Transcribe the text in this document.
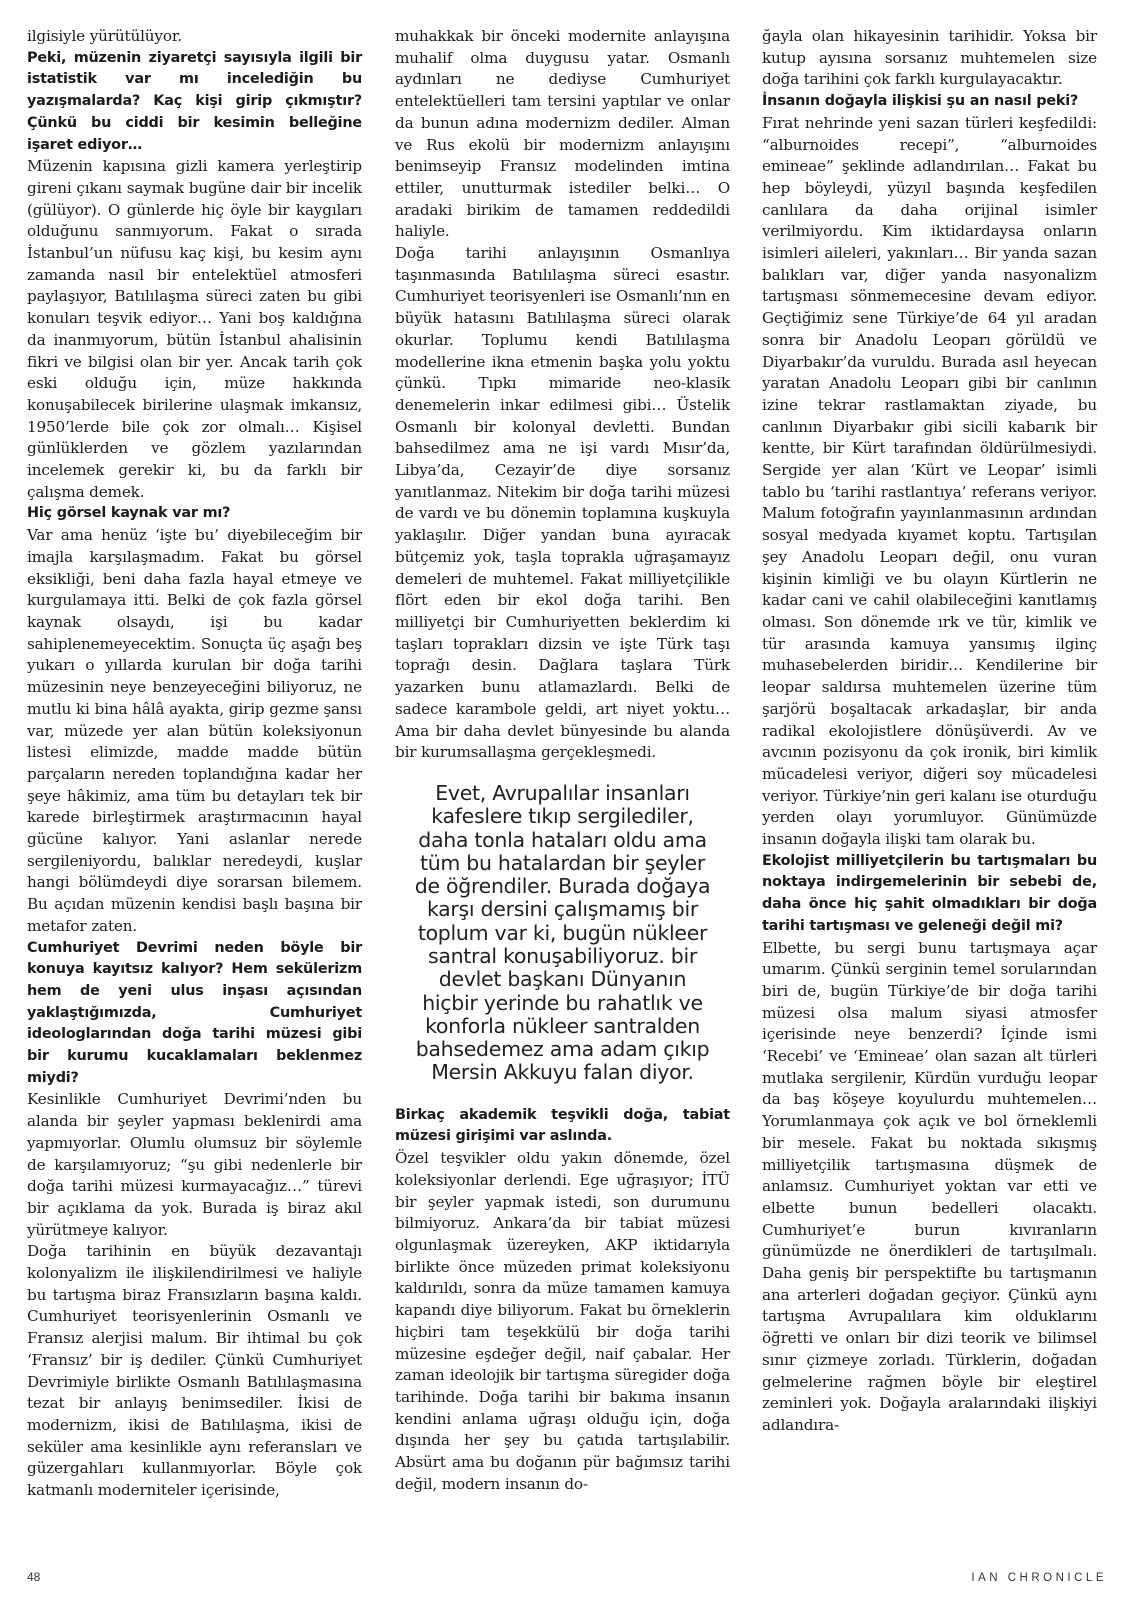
ilgisiyle yürütülüyor.

Peki, müzenin ziyaretçi sayısıyla ilgili bir istatistik var mı incelediğin bu yazışmalarda? Kaç kişi girip çıkmıştır? Çünkü bu ciddi bir kesimin belleğine işaret ediyor…

Müzenin kapısına gizli kamera yerleştirip gireni çıkanı saymak bugüne dair bir incelik (gülüyor). O günlerde hiç öyle bir kaygıları olduğunu sanmıyorum. Fakat o sırada İstanbul’un nüfusu kaç kişi, bu kesim aynı zamanda nasıl bir entelektüel atmosferi paylaşıyor, Batılılaşma süreci zaten bu gibi konuları teşvik ediyor… Yani boş kaldığına da inanmıyorum, bütün İstanbul ahalisinin fikri ve bilgisi olan bir yer. Ancak tarih çok eski olduğu için, müze hakkında konuşabilecek birilerine ulaşmak imkansız, 1950’lerde bile çok zor olmalı… Kişisel günlüklerden ve gözlem yazılarından incelemek gerekir ki, bu da farklı bir çalışma demek.

Hiç görsel kaynak var mı?

Var ama henüz ‘işte bu’ diyebileceğim bir imajla karşılaşmadım. Fakat bu görsel eksikliği, beni daha fazla hayal etmeye ve kurgulamaya itti. Belki de çok fazla görsel kaynak olsaydı, işi bu kadar sahiplenemeyecektim. Sonuçta üç aşağı beş yukarı o yıllarda kurulan bir doğa tarihi müzesinin neye benzeyeceğini biliyoruz, ne mutlu ki bina hâlâ ayakta, girip gezme şansı var, müzede yer alan bütün koleksiyonun listesi elimizde, madde madde bütün parçaların nereden toplandığına kadar her şeye hâkimiz, ama tüm bu detayları tek bir karede birleştirmek araştırmacının hayal gücüne kalıyor. Yani aslanlar nerede sergileniyordu, balıklar neredeydi, kuşlar hangi bölümdeydi diye sorarsan bilemem. Bu açıdan müzenin kendisi başlı başına bir metafor zaten.

Cumhuriyet Devrimi neden böyle bir konuya kayıtsız kalıyor? Hem sekülerizm hem de yeni ulus inşası açısından yaklaştığımızda, Cumhuriyet ideologlarından doğa tarihi müzesi gibi bir kurumu kucaklamaları beklenmez miydi?

Kesinlikle Cumhuriyet Devrimi’nden bu alanda bir şeyler yapması beklenirdi ama yapmıyorlar. Olumlu olumsuz bir söylemle de karşılamıyoruz; “şu gibi nedenlerle bir doğa tarihi müzesi kurmayacağız…” türevi bir açıklama da yok. Burada iş biraz akıl yürütmeye kalıyor.

Doğa tarihinin en büyük dezavantajı kolonyalizm ile ilişkilendirilmesi ve haliyle bu tartışma biraz Fransızların başına kaldı. Cumhuriyet teorisyenlerinin Osmanlı ve Fransız alerjisi malum. Bir ihtimal bu çok ‘Fransız’ bir iş dediler. Çünkü Cumhuriyet Devrimiyle birlikte Osmanlı Batılılaşmasına tezat bir anlayış benimsediler. İkisi de modernizm, ikisi de Batılılaşma, ikisi de seküler ama kesinlikle aynı referansları ve güzergahları kullanmıyorlar. Böyle çok katmanlı moderniteler içerisinde,

muhakkak bir önceki modernite anlayışına muhalif olma duygusu yatar. Osmanlı aydınları ne dediyse Cumhuriyet entelektüelleri tam tersini yaptılar ve onlar da bunun adına modernizm dediler. Alman ve Rus ekolü bir modernizm anlayışını benimseyip Fransız modelinden imtina ettiler, unutturmak istediler belki… O aradaki birikim de tamamen reddedildi haliyle.

Doğa tarihi anlayışının Osmanlıya taşınmasında Batılılaşma süreci esastır. Cumhuriyet teorisyenleri ise Osmanlı’nın en büyük hatasını Batılılaşma süreci olarak okurlar. Toplumu kendi Batılılaşma modellerine ikna etmenin başka yolu yoktu çünkü. Tıpkı mimaride neo-klasik denemelerin inkar edilmesi gibi… Üstelik Osmanlı bir kolonyal devletti. Bundan bahsedilmez ama ne işi vardı Mısır’da, Libya’da, Cezayir’de diye sorsanız yanıtlanmaz. Nitekim bir doğa tarihi müzesi de vardı ve bu dönemin toplamına kuşkuyla yaklaşılır. Diğer yandan buna ayıracak bütçemiz yok, taşla toprakla uğraşamayız demeleri de muhtemel. Fakat milliyetçilikle flört eden bir ekol doğa tarihi. Ben milliyetçi bir Cumhuriyetten beklerdim ki taşları toprakları dizsin ve işte Türk taşı toprağı desin. Dağlara taşlara Türk yazarken bunu atlamazlardı. Belki de sadece karambole geldi, art niyet yoktu… Ama bir daha devlet bünyesinde bu alanda bir kurumsallaşma gerçekleşmedi.

Evet, Avrupalılar insanları
kafeslere tıkıp sergilediler,
daha tonla hataları oldu ama
tüm bu hatalardan bir şeyler
de öğrendiler. Burada doğaya
karşı dersini çalışmamış bir
toplum var ki, bugün nükleer
santral konuşabiliyoruz. bir
devlet başkanı Dünyanın
hiçbir yerinde bu rahatlık ve
konforla nükleer santralden
bahsedemez ama adam çıkıp
Mersin Akkuyu falan diyor.

Birkaç akademik teşvikli doğa, tabiat müzesi girişimi var aslında.

Özel teşvikler oldu yakın dönemde, özel koleksiyonlar derlendi. Ege uğraşıyor; İTÜ bir şeyler yapmak istedi, son durumunu bilmiyoruz. Ankara’da bir tabiat müzesi olgunlaşmak üzereyken, AKP iktidarıyla birlikte önce müzeden primat koleksiyonu kaldırıldı, sonra da müze tamamen kamuya kapandı diye biliyorum. Fakat bu örneklerin hiçbiri tam teşekkülü bir doğa tarihi müzesine eşdeğer değil, naif çabalar. Her zaman ideolojik bir tartışma süregider doğa tarihinde. Doğa tarihi bir bakıma insanın kendini anlama uğraşı olduğu için, doğa dışında her şey bu çatıda tartışılabilir. Absürt ama bu doğanın pür bağımsız tarihi değil, modern insanın do-

ğayla olan hikayesinin tarihidir. Yoksa bir kutup ayısına sorsanız muhtemelen size doğa tarihini çok farklı kurgulayacaktır.

İnsanın doğayla ilişkisi şu an nasıl peki?

Fırat nehrinde yeni sazan türleri keşfedildi: “alburnoides recepi”, “alburnoides emineae” şeklinde adlandırılan… Fakat bu hep böyleydi, yüzyıl başında keşfedilen canlılara da daha orijinal isimler verilmiyordu. Kim iktidardaysa onların isimleri aileleri, yakınları… Bir yanda sazan balıkları var, diğer yanda nasyonalizm tartışması sönmemecesine devam ediyor. Geçtiğimiz sene Türkiye’de 64 yıl aradan sonra bir Anadolu Leoparı görüldü ve Diyarbakır’da vuruldu. Burada asıl heyecan yaratan Anadolu Leoparı gibi bir canlının izine tekrar rastlamaktan ziyade, bu canlının Diyarbakır gibi sicili kabarık bir kentte, bir Kürt tarafından öldürülmesiydi. Sergide yer alan ‘Kürt ve Leopar’ isimli tablo bu ‘tarihi rastlantıya’ referans veriyor. Malum fotoğrafın yayınlanmasının ardından sosyal medyada kıyamet koptu. Tartışılan şey Anadolu Leoparı değil, onu vuran kişinin kimliği ve bu olayın Kürtlerin ne kadar cani ve cahil olabileceğini kanıtlamış olması. Son dönemde ırk ve tür, kimlik ve tür arasında kamuya yansımış ilginç muhasebelerden biridir… Kendilerine bir leopar saldırsa muhtemelen üzerine tüm şarjörü boşaltacak arkadaşlar, bir anda radikal ekolojistlere dönüşüverdi. Av ve avcının pozisyonu da çok ironik, biri kimlik mücadelesi veriyor, diğeri soy mücadelesi veriyor. Türkiye’nin geri kalanı ise oturduğu yerden olayı yorumluyor. Günümüzde insanın doğayla ilişki tam olarak bu.

Ekolojist milliyetçilerin bu tartışmaları bu noktaya indirgemelerinin bir sebebi de, daha önce hiç şahit olmadıkları bir doğa tarihi tartışması ve geleneği değil mi?

Elbette, bu sergi bunu tartışmaya açar umarım. Çünkü serginin temel sorularından biri de, bugün Türkiye’de bir doğa tarihi müzesi olsa malum siyasi atmosfer içerisinde neye benzerdi? İçinde ismi ‘Recebi’ ve ‘Emineae’ olan sazan alt türleri mutlaka sergilenir, Kürdün vurduğu leopar da baş köşeye koyulurdu muhtemelen… Yorumlanmaya çok açık ve bol örneklemli bir mesele. Fakat bu noktada sıkışmış milliyetçilik tartışmasına düşmek de anlamsız. Cumhuriyet yoktan var etti ve elbette bunun bedelleri olacaktı. Cumhuriyet’e burun kıvıranların günümüzde ne önerdikleri de tartışılmalı. Daha geniş bir perspektifte bu tartışmanın ana arterleri doğadan geçiyor. Çünkü aynı tartışma Avrupalılara kim olduklarını öğretti ve onları bir dizi teorik ve bilimsel sınır çizmeye zorladı. Türklerin, doğadan gelmelerine rağmen böyle bir eleştirel zeminleri yok. Doğayla aralarındaki ilişkiyi adlandıra-

48	IAN CHRONICLE
